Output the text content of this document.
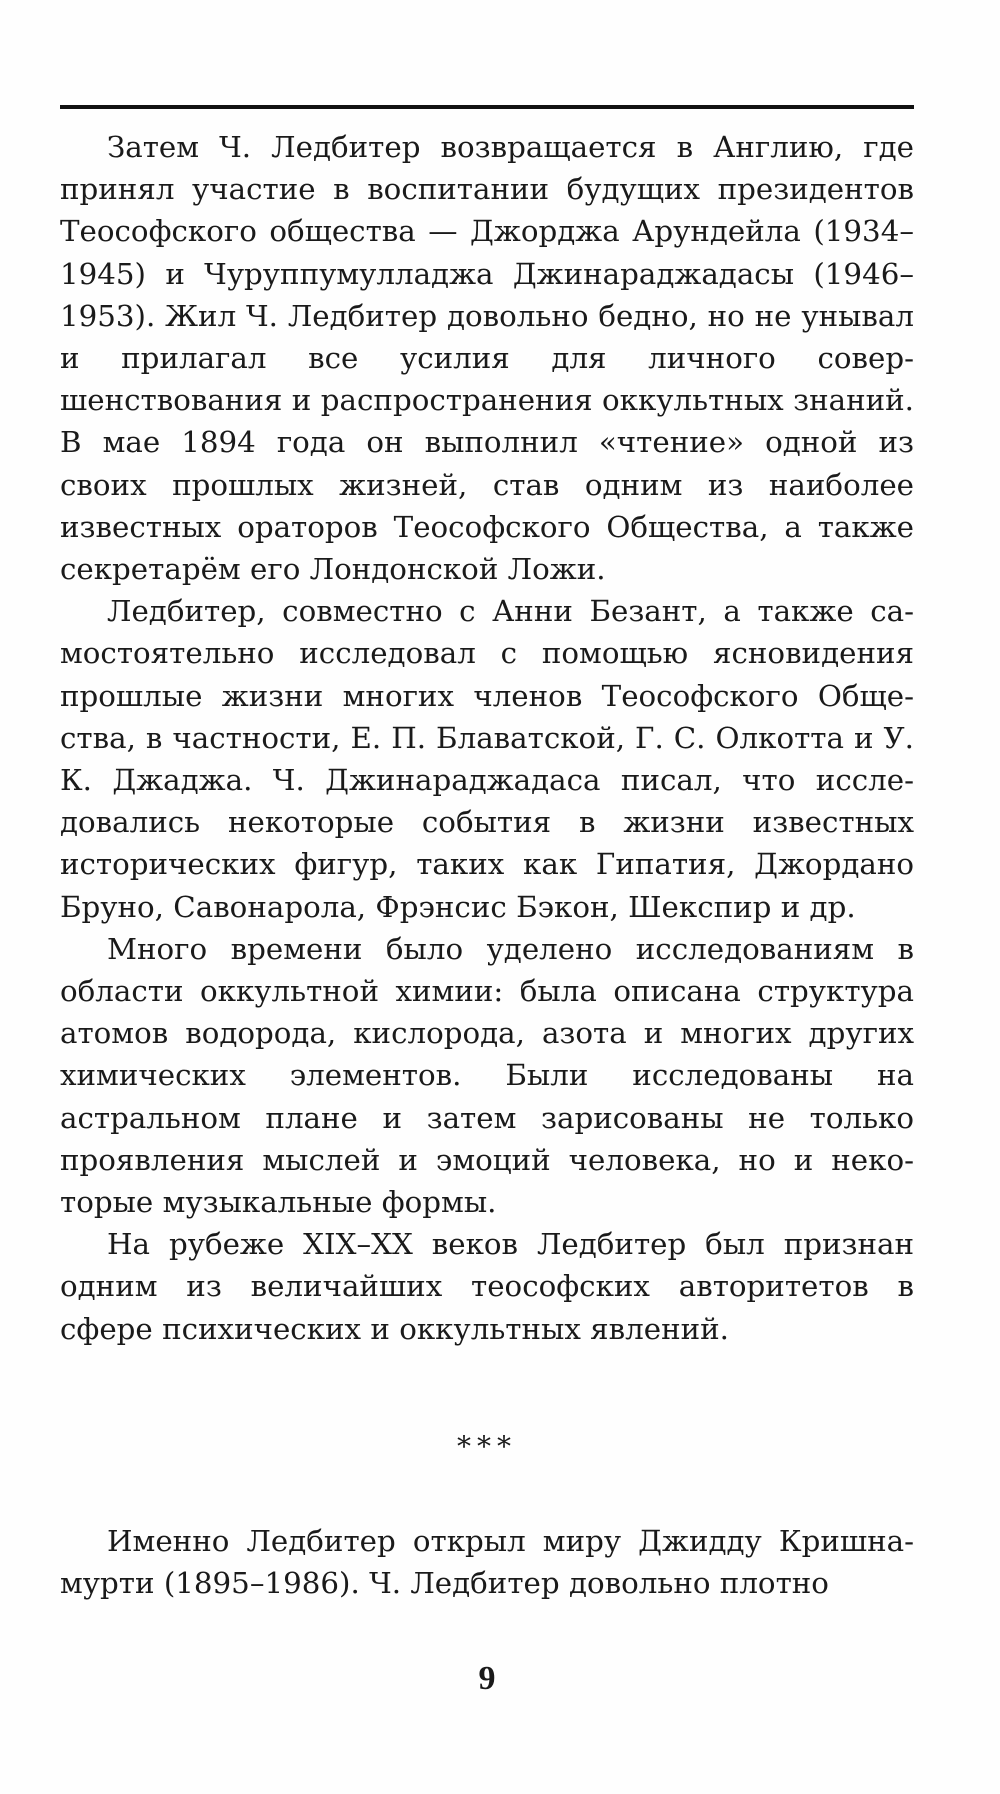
Затем Ч. Ледбитер возвращается в Англию, где принял участие в воспитании будущих президентов Теософского общества — Джорджа Арундейла (1934–1945) и Чуруппумулладжа Джинараджадасы (1946–1953). Жил Ч. Ледбитер довольно бедно, но не унывал и прилагал все усилия для личного совершенствования и распространения оккультных знаний. В мае 1894 года он выполнил «чтение» одной из своих прошлых жизней, став одним из наиболее известных ораторов Теософского Общества, а также секретарём его Лондонской Ложи.

Ледбитер, совместно с Анни Безант, а также самостоятельно исследовал с помощью ясновидения прошлые жизни многих членов Теософского Общества, в частности, Е. П. Блаватской, Г. С. Олкотта и У. К. Джаджа. Ч. Джинараджадаса писал, что исследовались некоторые события в жизни известных исторических фигур, таких как Гипатия, Джордано Бруно, Савонарола, Фрэнсис Бэкон, Шекспир и др.

Много времени было уделено исследованиям в области оккультной химии: была описана структура атомов водорода, кислорода, азота и многих других химических элементов. Были исследованы на астральном плане и затем зарисованы не только проявления мыслей и эмоций человека, но и некоторые музыкальные формы.

На рубеже XIX–XX веков Ледбитер был признан одним из величайших теософских авторитетов в сфере психических и оккультных явлений.

***

Именно Ледбитер открыл миру Джидду Кришнамурти (1895–1986). Ч. Ледбитер довольно плотно

9
